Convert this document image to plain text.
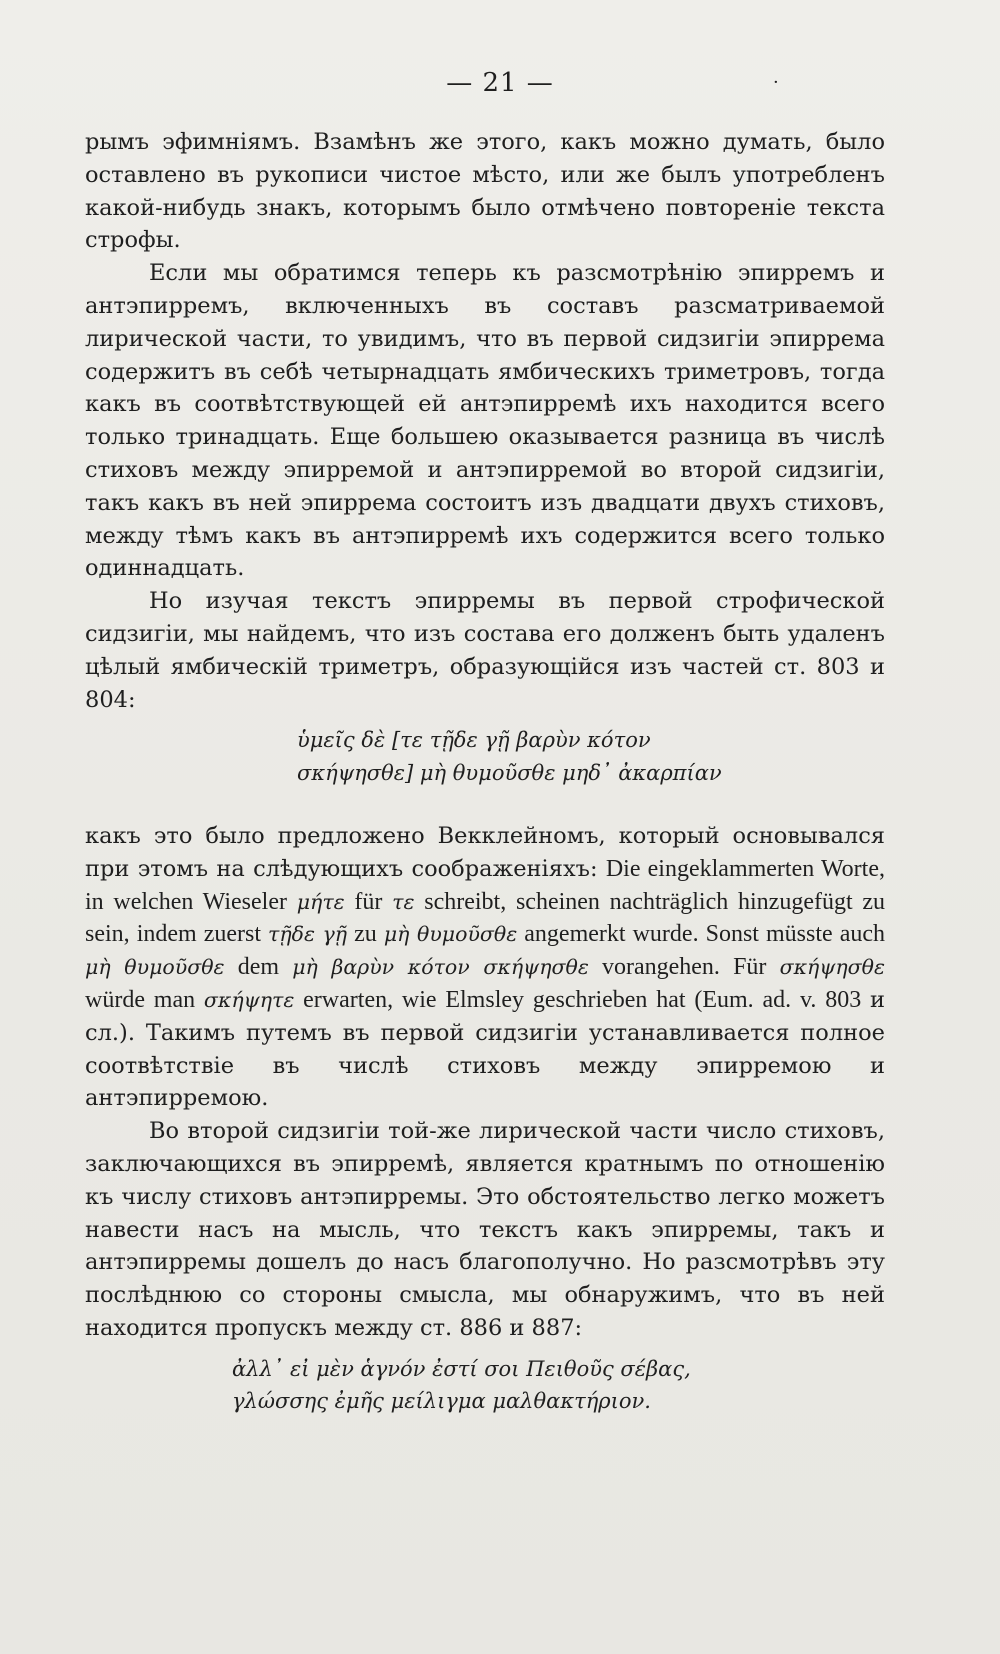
— 21 —	·

рымъ эфимніямъ. Взамѣнъ же этого, какъ можно думать, было оставлено въ рукописи чистое мѣсто, или же былъ употребленъ какой-нибудь знакъ, которымъ было отмѣчено повтореніе текста строфы.

Если мы обратимся теперь къ разсмотрѣнію эпирремъ и антэпирремъ, включенныхъ въ составъ разсматриваемой лирической части, то увидимъ, что въ первой сидзигіи эпиррема содержитъ въ себѣ четырнадцать ямбическихъ триметровъ, тогда какъ въ соотвѣтствующей ей антэпирремѣ ихъ находится всего только тринадцать. Еще большею оказывается разница въ числѣ стиховъ между эпирремой и антэпирремой во второй сидзигіи, такъ какъ въ ней эпиррема состоитъ изъ двадцати двухъ стиховъ, между тѣмъ какъ въ антэпирремѣ ихъ содержится всего только одиннадцать.

Но изучая текстъ эпирремы въ первой строфической сидзигіи, мы найдемъ, что изъ состава его долженъ быть удаленъ цѣлый ямбическій триметръ, образующійся изъ частей ст. 803 и 804:

ὑμεῖς δὲ [τε τῇδε γῇ βαρὺν κότον
σκήψησθε] μὴ θυμοῦσθε μηδ᾽ ἀκαρπίαν

какъ это было предложено Векклейномъ, который основывался при этомъ на слѣдующихъ соображеніяхъ: Die eingeklammerten Worte, in welchen Wieseler μήτε für τε schreibt, scheinen nachträglich hinzugefügt zu sein, indem zuerst τῇδε γῇ zu μὴ θυμοῦσθε angemerkt wurde. Sonst müsste auch μὴ θυμοῦσθε dem μὴ βαρὺν κότον σκήψησθε vorangehen. Für σκήψησθε würde man σκήψητε erwarten, wie Elmsley geschrieben hat (Eum. ad. v. 803 и сл.). Такимъ путемъ въ первой сидзигіи устанавливается полное соотвѣтствіе въ числѣ стиховъ между эпирремою и антэпирремою.

Во второй сидзигіи той-же лирической части число стиховъ, заключающихся въ эпирремѣ, является кратнымъ по отношенію къ числу стиховъ антэпирремы. Это обстоятельство легко можетъ навести насъ на мысль, что текстъ какъ эпирремы, такъ и антэпирремы дошелъ до насъ благополучно. Но разсмотрѣвъ эту послѣднюю со стороны смысла, мы обнаружимъ, что въ ней находится пропускъ между ст. 886 и 887:

ἀλλ᾽ εἰ μὲν ἁγνόν ἐστί σοι Πειθοῦς σέβας,
γλώσσης ἐμῆς μείλιγμα μαλθακτήριον.
